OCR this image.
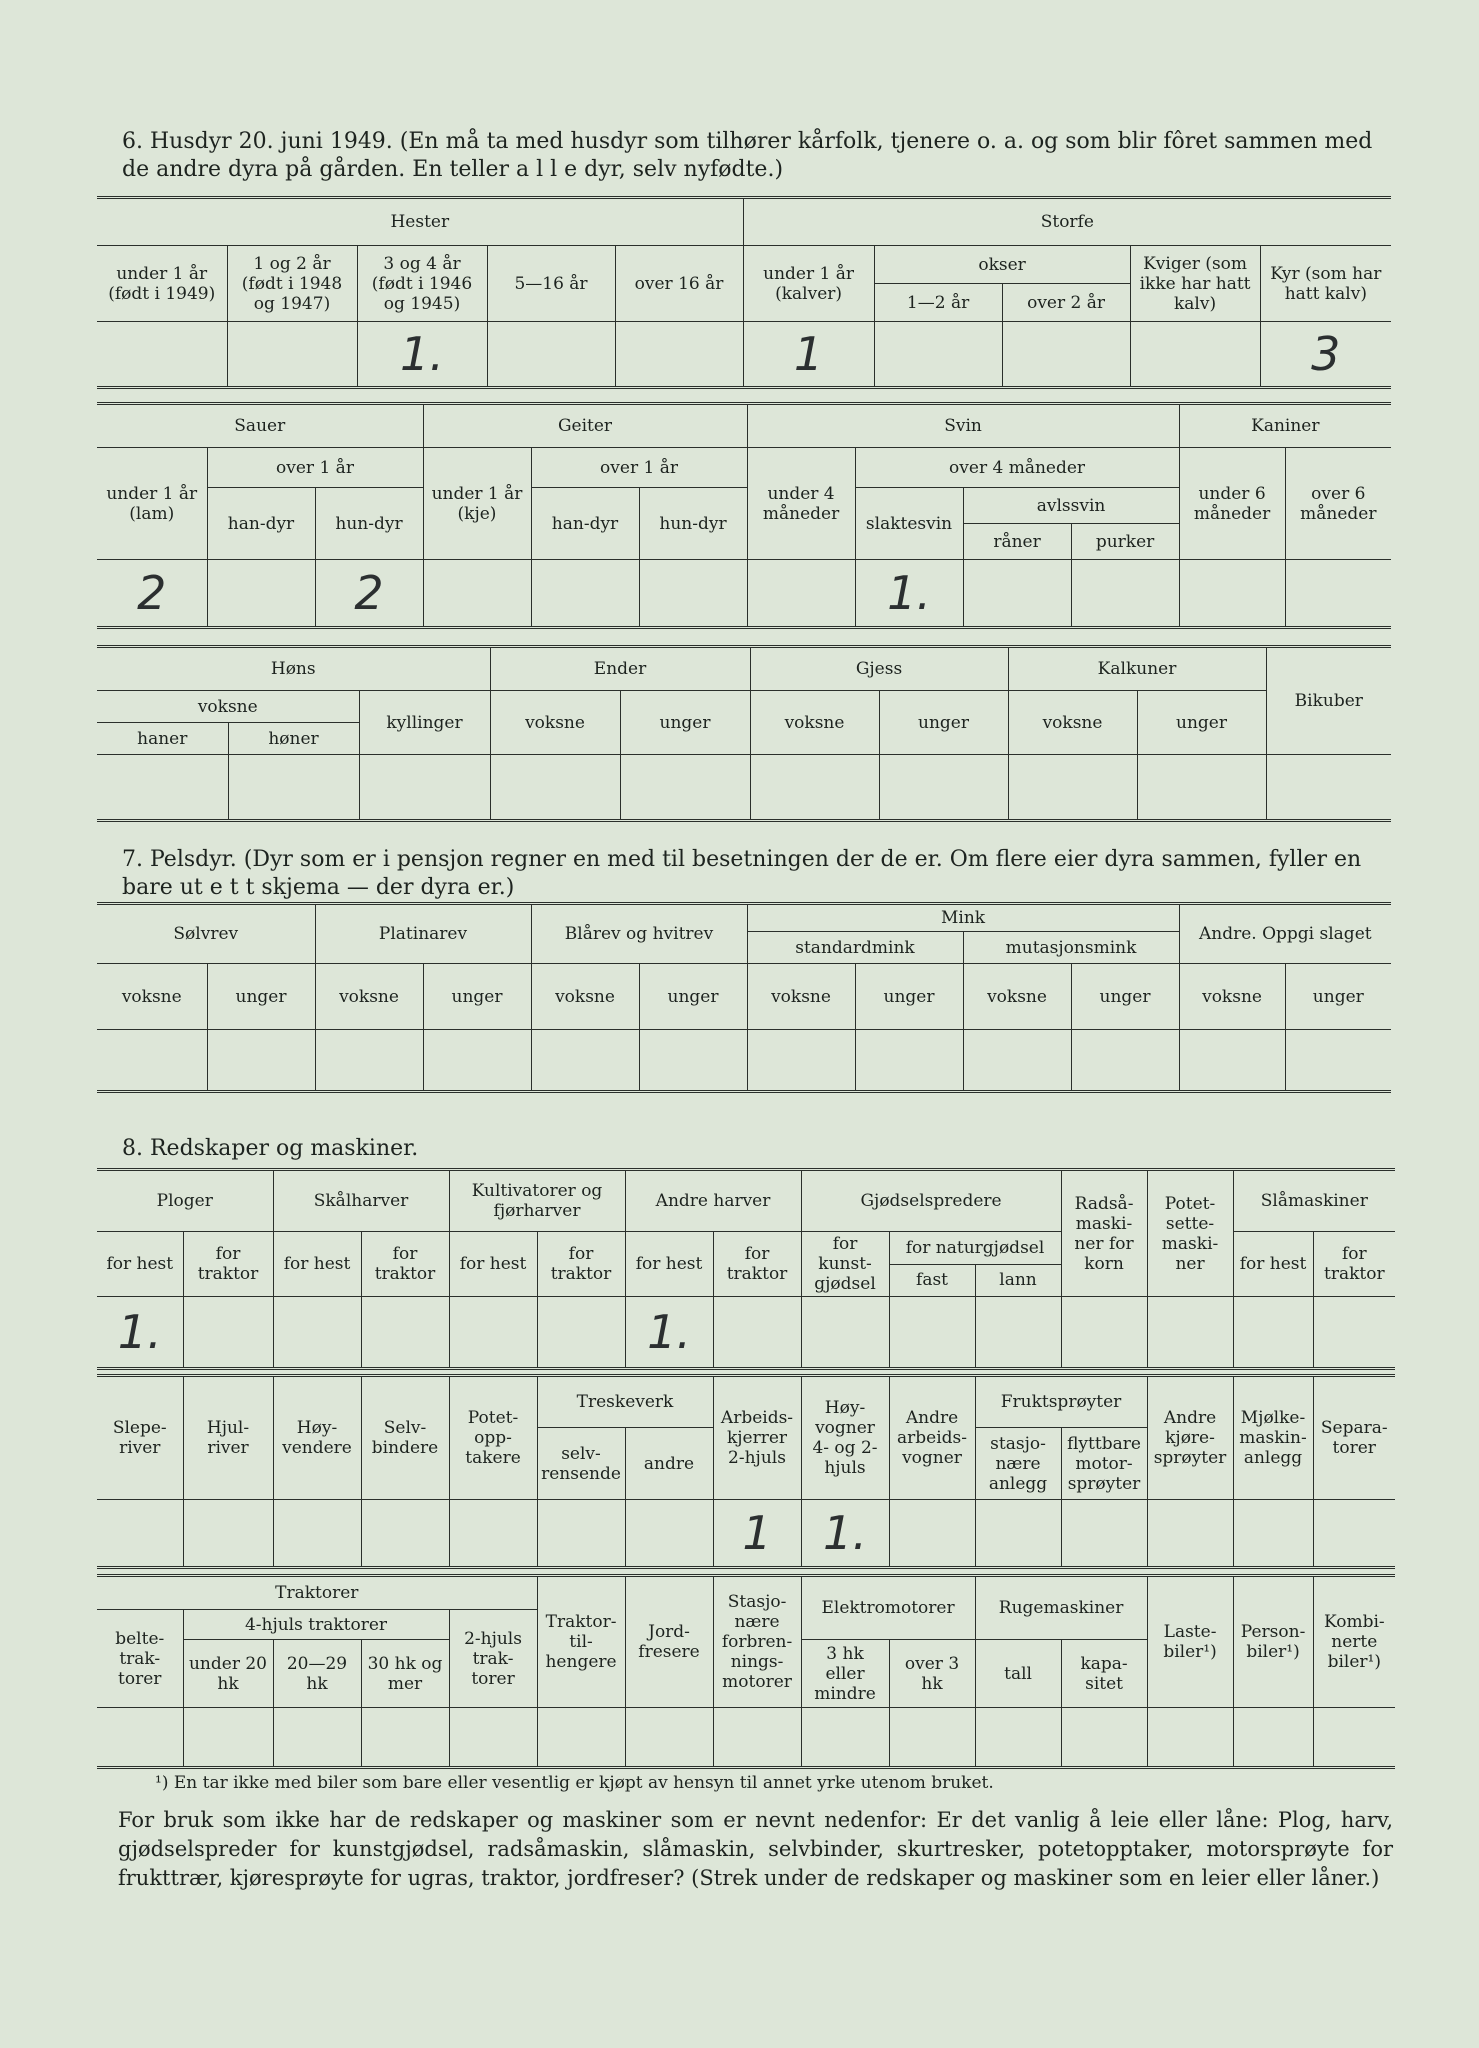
6. Husdyr 20. juni 1949. (En må ta med husdyr som tilhører kårfolk, tjenere o. a. og som blir fôret sammen med de andre dyra på gården. En teller a l l e dyr, selv nyfødte.)
Hester					Storfe				
under 1 år (født i 1949)	1 og 2 år (født i 1948 og 1947)	3 og 4 år (født i 1946 og 1945)	5—16 år	over 16 år	under 1 år (kalver)	okser		Kviger (som ikke har hatt kalv)	Kyr (som har hatt kalv)
						1—2 år	over 2 år		
		1.			1				3
Sauer			Geiter			Svin				Kaniner	
under 1 år (lam)	over 1 år		under 1 år (kje)	over 1 år		under 4 måneder	over 4 måneder			under 6 måneder	over 6 måneder
	han-dyr	hun-dyr		han-dyr	hun-dyr		slaktesvin	avlssvin			
								råner	purker		
2		2					1.				
Høns			Ender		Gjess		Kalkuner		Bikuber
voksne		kyllinger	voksne	unger	voksne	unger	voksne	unger	
haner	høner								

7. Pelsdyr. (Dyr som er i pensjon regner en med til besetningen der de er. Om flere eier dyra sammen, fyller en bare ut e t t skjema — der dyra er.)
Sølvrev		Platinarev		Blårev og hvitrev		Mink				Andre. Oppgi slaget	
						standardmink		mutasjonsmink			
voksne	unger	voksne	unger	voksne	unger	voksne	unger	voksne	unger	voksne	unger

8. Redskaper og maskiner.
Ploger		Skålharver		Kultivatorer og fjørharver		Andre harver		Gjødselspredere			Radså-maski-ner for korn	Potet-sette-maski-ner	Slåmaskiner	
for hest	for traktor	for hest	for traktor	for hest	for traktor	for hest	for traktor	for kunst-gjødsel	for naturgjødsel				for hest	for traktor
									fast	lann				
1.						1.								
Slepe-river	Hjul-river	Høy-vendere	Selv-bindere	Potet-opp-takere	Treskeverk		Arbeids-kjerrer 2-hjuls	Høy-vogner 4- og 2-hjuls	Andre arbeids-vogner	Fruktsprøyter		Andre kjøre-sprøyter	Mjølke-maskin-anlegg	Separa-torer
					selv-rensende	andre				stasjo-nære anlegg	flyttbare motor-sprøyter			
							1	1.						
Traktorer					Traktor-til-hengere	Jord-fresere	Stasjo-nære forbren-nings-motorer	Elektromotorer		Rugemaskiner		Laste-biler¹)	Person-biler¹)	Kombi-nerte biler¹)
belte-trak-torer	4-hjuls traktorer			2-hjuls trak-torer										
	under 20 hk	20—29 hk	30 hk og mer					3 hk eller mindre	over 3 hk	tall	kapa-sitet			

¹) En tar ikke med biler som bare eller vesentlig er kjøpt av hensyn til annet yrke utenom bruket.
For bruk som ikke har de redskaper og maskiner som er nevnt nedenfor: Er det vanlig å leie eller låne: Plog, harv, gjødselspreder for kunstgjødsel, radsåmaskin, slåmaskin, selvbinder, skurtresker, potetopptaker, motorsprøyte for frukttrær, kjøresprøyte for ugras, traktor, jordfreser? (Strek under de redskaper og maskiner som en leier eller låner.)
